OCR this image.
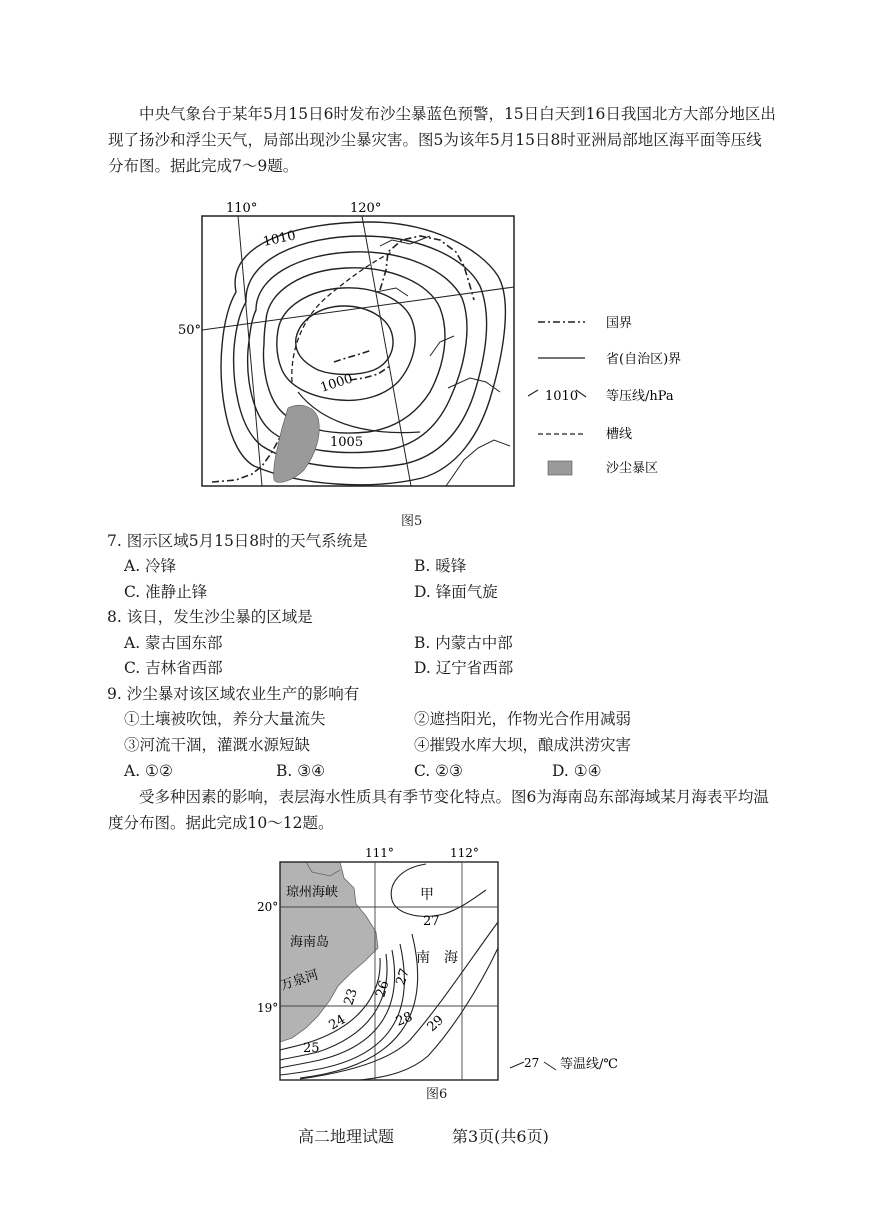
中央气象台于某年5月15日6时发布沙尘暴蓝色预警，15日白天到16日我国北方大部分地区出现了扬沙和浮尘天气，局部出现沙尘暴灾害。图5为该年5月15日8时亚洲局部地区海平面等压线分布图。据此完成7～9题。

110°	120°
50°
1010
1000
1005
1010
国界
省(自治区)界
等压线/hPa
槽线
沙尘暴区
图5
7. 图示区域5月15日8时的天气系统是
A. 冷锋	B. 暖锋
C. 准静止锋	D. 锋面气旋
8. 该日，发生沙尘暴的区域是
A. 蒙古国东部	B. 内蒙古中部
C. 吉林省西部	D. 辽宁省西部
9. 沙尘暴对该区域农业生产的影响有
①土壤被吹蚀，养分大量流失	②遮挡阳光，作物光合作用减弱
③河流干涸，灌溉水源短缺	④摧毁水库大坝，酿成洪涝灾害
A. ①②	B. ③④	C. ②③	D. ①④

受多种因素的影响，表层海水性质具有季节变化特点。图6为海南岛东部海域某月海表平均温度分布图。据此完成10～12题。

111°	112°
20°
19°
琼州海峡
海南岛
万泉河
甲
南 海
27
23 26
27
24
25
28 29
27 等温线/℃
图6
高二地理试题	第3页(共6页)
